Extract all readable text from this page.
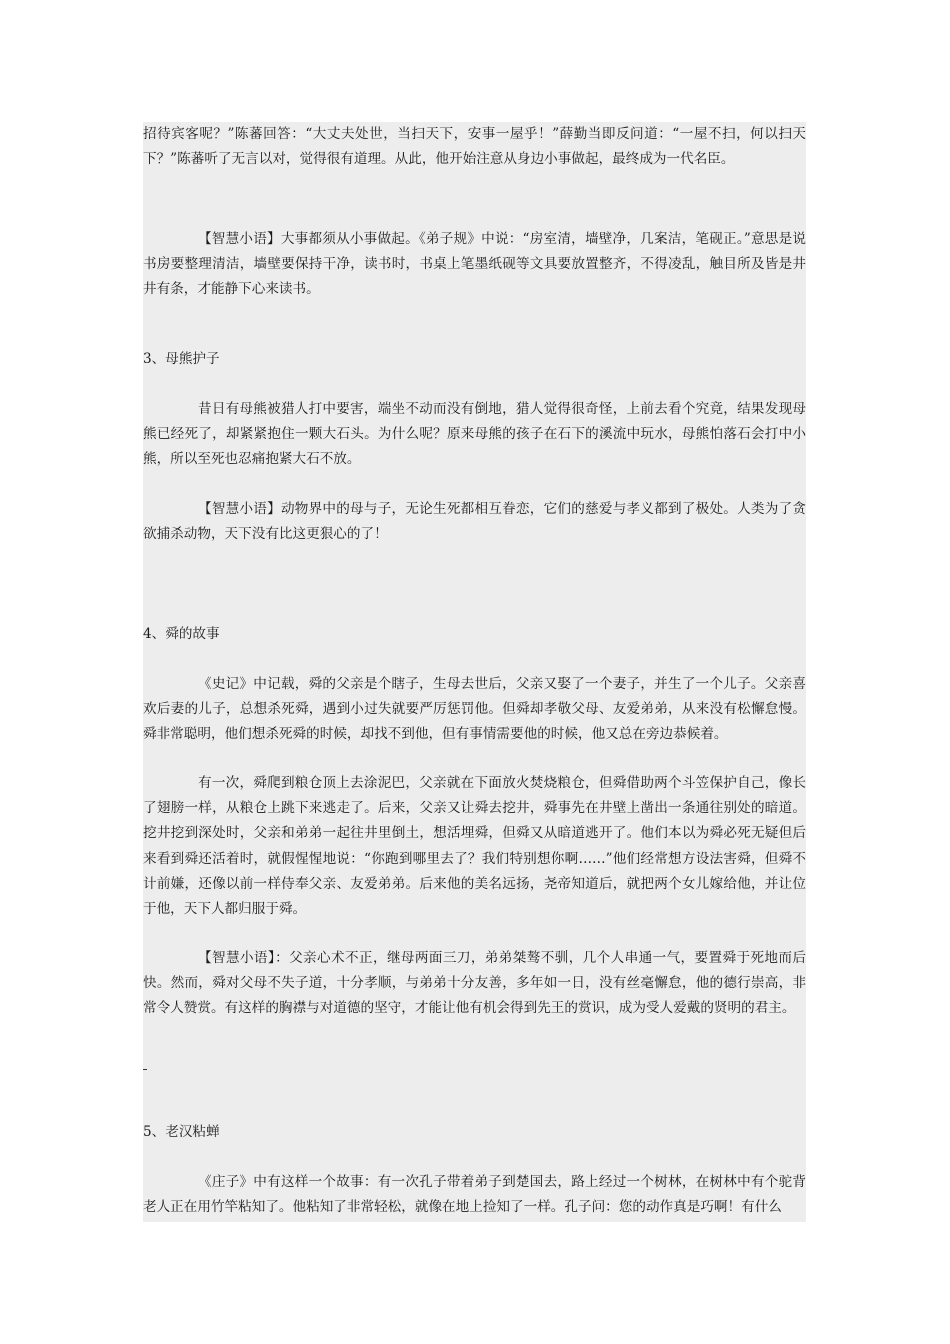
招待宾客呢？”陈蕃回答：“大丈夫处世，当扫天下，安事一屋乎！”薛勤当即反问道：“一屋不扫，何以扫天下？”陈蕃听了无言以对，觉得很有道理。从此，他开始注意从身边小事做起，最终成为一代名臣。

【智慧小语】大事都须从小事做起。《弟子规》中说：“房室清，墙壁净，几案洁，笔砚正。”意思是说书房要整理清洁，墙壁要保持干净，读书时，书桌上笔墨纸砚等文具要放置整齐，不得凌乱，触目所及皆是井井有条，才能静下心来读书。

3、母熊护子

昔日有母熊被猎人打中要害，端坐不动而没有倒地，猎人觉得很奇怪，上前去看个究竟，结果发现母熊已经死了，却紧紧抱住一颗大石头。为什么呢？原来母熊的孩子在石下的溪流中玩水，母熊怕落石会打中小熊，所以至死也忍痛抱紧大石不放。

【智慧小语】动物界中的母与子，无论生死都相互眷恋，它们的慈爱与孝义都到了极处。人类为了贪欲捕杀动物，天下没有比这更狠心的了！

4、舜的故事

《史记》中记载，舜的父亲是个瞎子，生母去世后，父亲又娶了一个妻子，并生了一个儿子。父亲喜欢后妻的儿子，总想杀死舜，遇到小过失就要严厉惩罚他。但舜却孝敬父母、友爱弟弟，从来没有松懈怠慢。舜非常聪明，他们想杀死舜的时候，却找不到他，但有事情需要他的时候，他又总在旁边恭候着。

有一次，舜爬到粮仓顶上去涂泥巴，父亲就在下面放火焚烧粮仓，但舜借助两个斗笠保护自己，像长了翅膀一样，从粮仓上跳下来逃走了。后来，父亲又让舜去挖井，舜事先在井壁上凿出一条通往别处的暗道。挖井挖到深处时，父亲和弟弟一起往井里倒土，想活埋舜，但舜又从暗道逃开了。他们本以为舜必死无疑但后来看到舜还活着时，就假惺惺地说：“你跑到哪里去了？我们特别想你啊……”他们经常想方设法害舜，但舜不计前嫌，还像以前一样侍奉父亲、友爱弟弟。后来他的美名远扬，尧帝知道后，就把两个女儿嫁给他，并让位于他，天下人都归服于舜。

【智慧小语】：父亲心术不正，继母两面三刀，弟弟桀骜不驯，几个人串通一气，要置舜于死地而后快。然而，舜对父母不失子道，十分孝顺，与弟弟十分友善，多年如一日，没有丝毫懈怠，他的德行崇高，非常令人赞赏。有这样的胸襟与对道德的坚守，才能让他有机会得到先王的赏识，成为受人爱戴的贤明的君主。

5、老汉粘蝉

《庄子》中有这样一个故事：有一次孔子带着弟子到楚国去，路上经过一个树林，在树林中有个驼背老人正在用竹竿粘知了。他粘知了非常轻松，就像在地上捡知了一样。孔子问：您的动作真是巧啊！有什么
